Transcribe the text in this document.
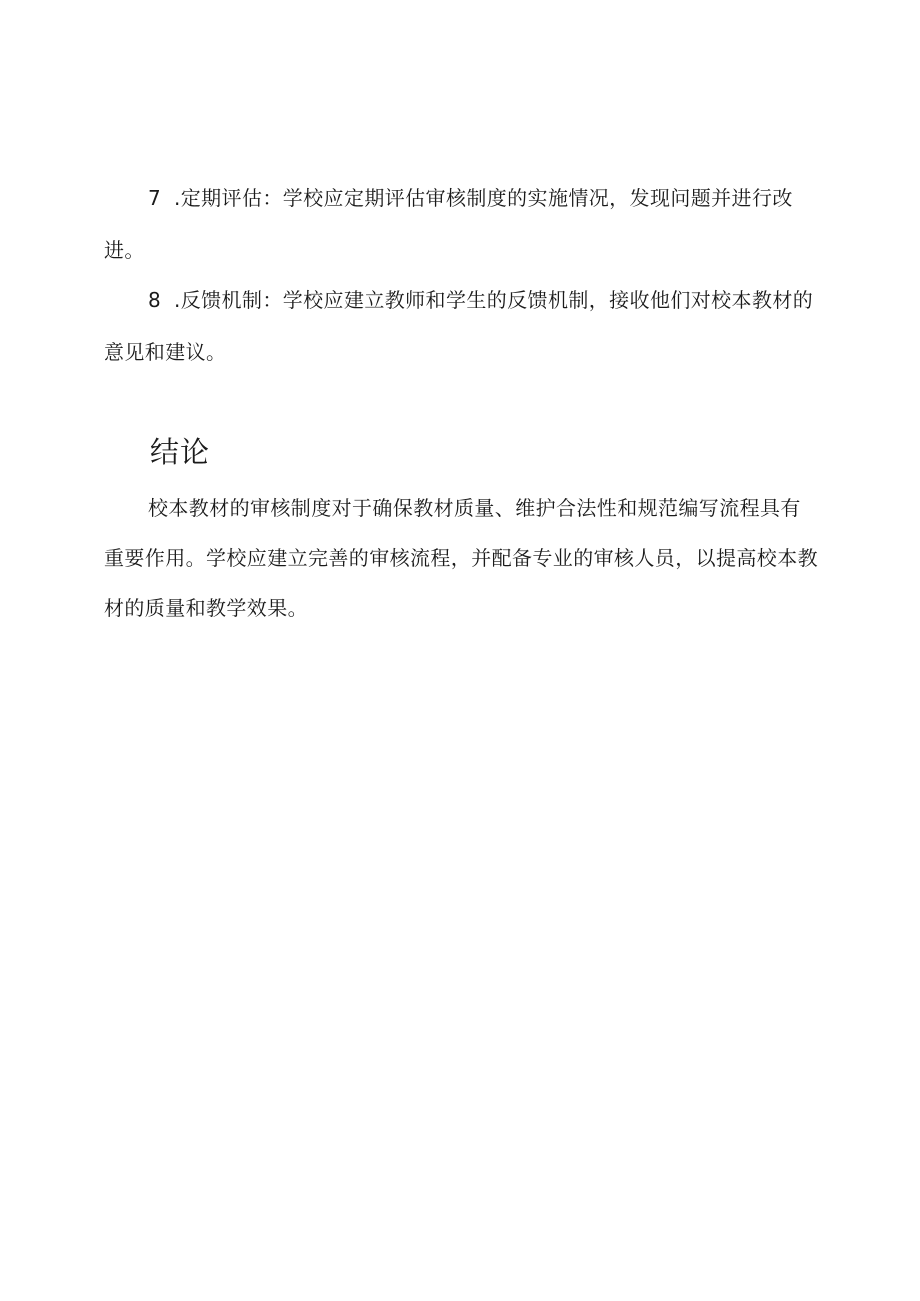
7 .定期评估：学校应定期评估审核制度的实施情况，发现问题并进行改进。

8 .反馈机制：学校应建立教师和学生的反馈机制，接收他们对校本教材的意见和建议。

结论

校本教材的审核制度对于确保教材质量、维护合法性和规范编写流程具有重要作用。学校应建立完善的审核流程，并配备专业的审核人员，以提高校本教材的质量和教学效果。
